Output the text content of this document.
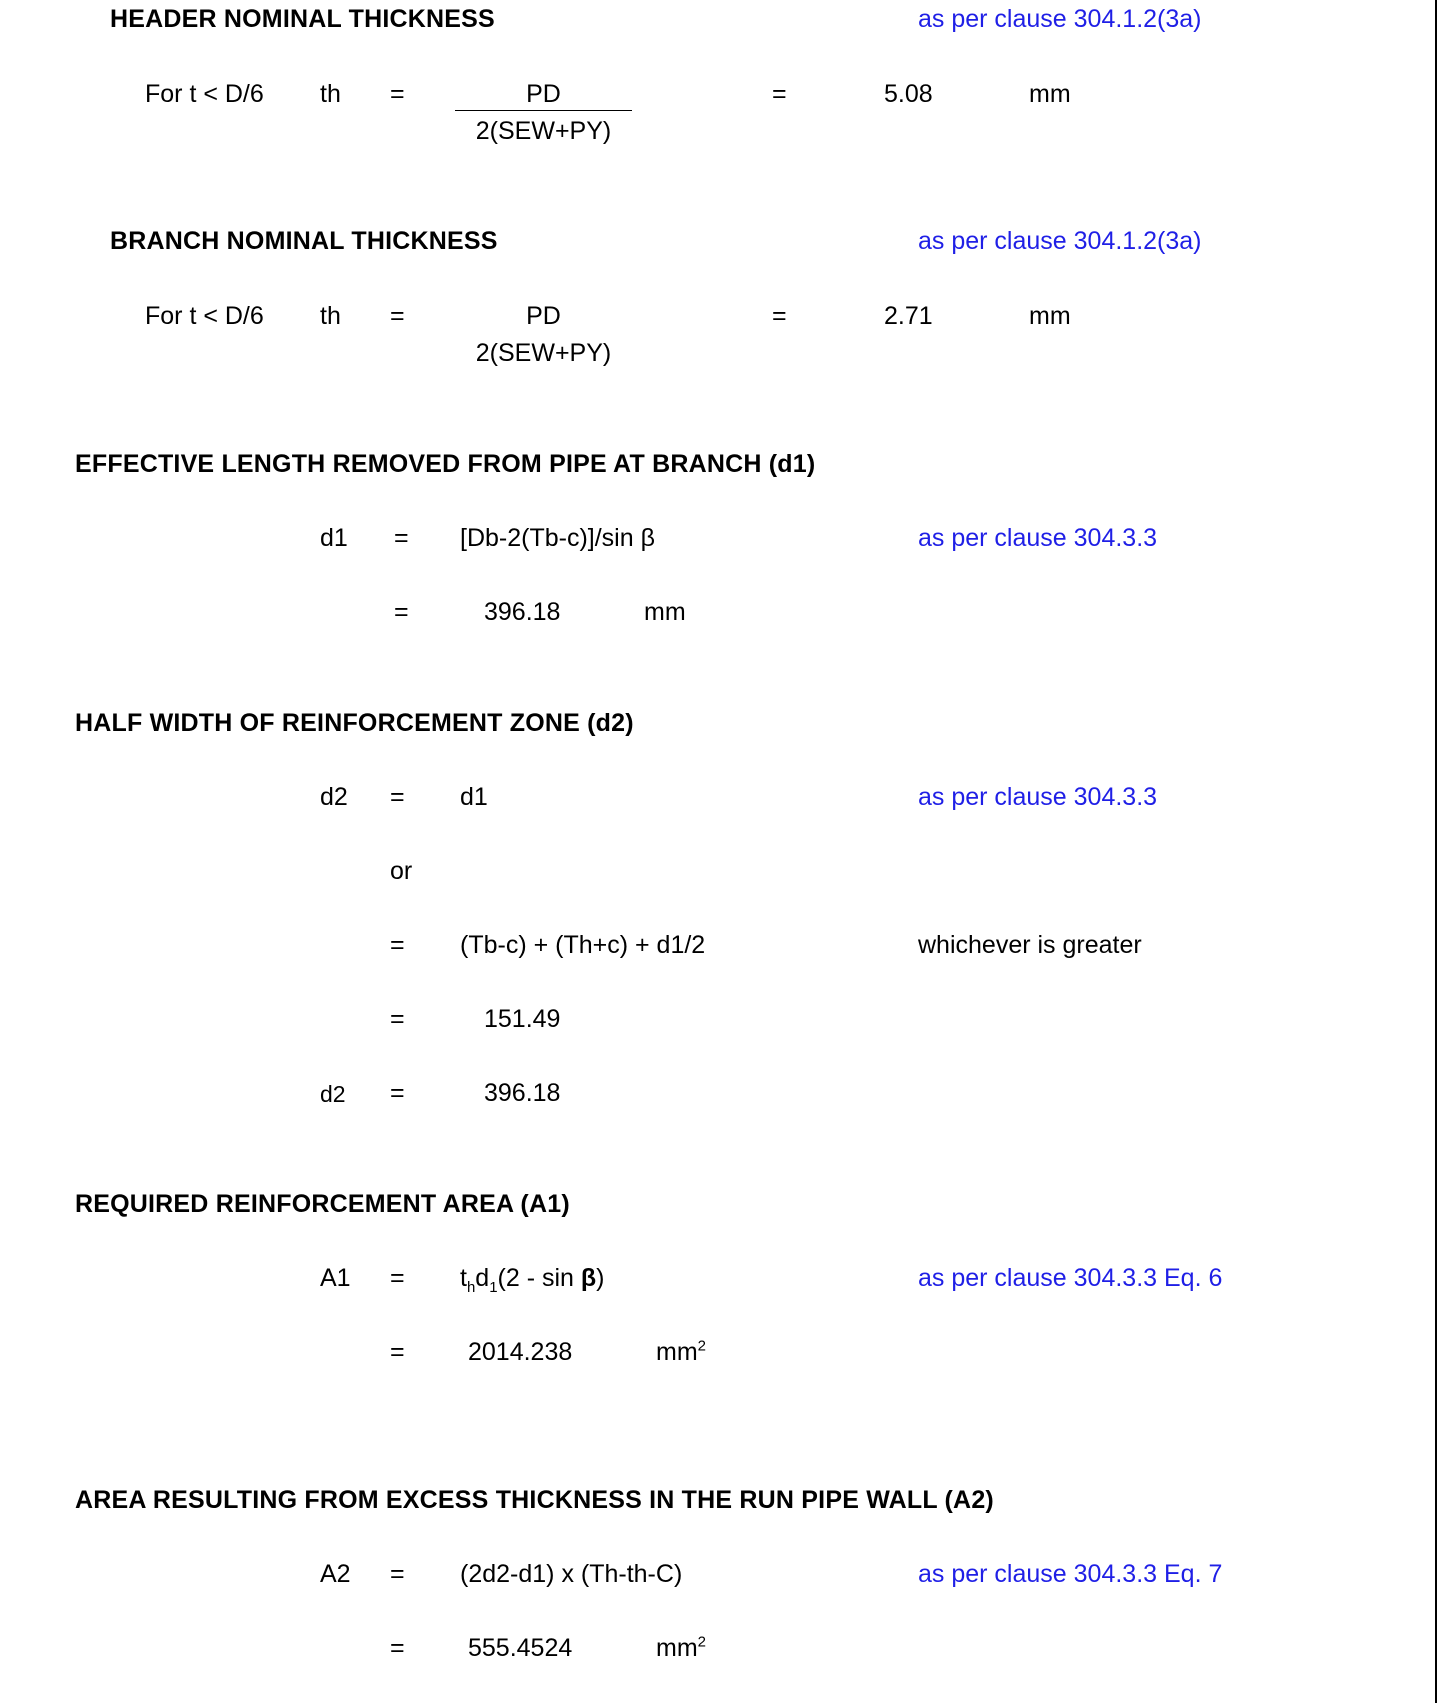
HEADER NOMINAL THICKNESS	as per clause 304.1.2(3a)
For t < D/6 th =	PD
2(SEW+PY)
=	5.08	mm
BRANCH NOMINAL THICKNESS	as per clause 304.1.2(3a)
For t < D/6 th =	PD
2(SEW+PY)
=	2.71	mm
EFFECTIVE LENGTH REMOVED FROM PIPE AT BRANCH (d1)
d1 = [Db-2(Tb-c)]/sin β	as per clause 304.3.3
=	396.18	mm
HALF WIDTH OF REINFORCEMENT ZONE (d2)
d2 = d1	as per clause 304.3.3
or
= (Tb-c) + (Th+c) + d1/2	whichever is greater
=	151.49
d2 =	396.18
REQUIRED REINFORCEMENT AREA (A1)
$A1 = t_hd_1(2 - \sin \beta)$	as per clause 304.3.3 Eq. 6
=	2014.238	$mm^2$
AREA RESULTING FROM EXCESS THICKNESS IN THE RUN PIPE WALL (A2)
A2 = (2d2-d1) x (Th-th-C)	as per clause 304.3.3 Eq. 7
=	555.4524	$mm^2$
